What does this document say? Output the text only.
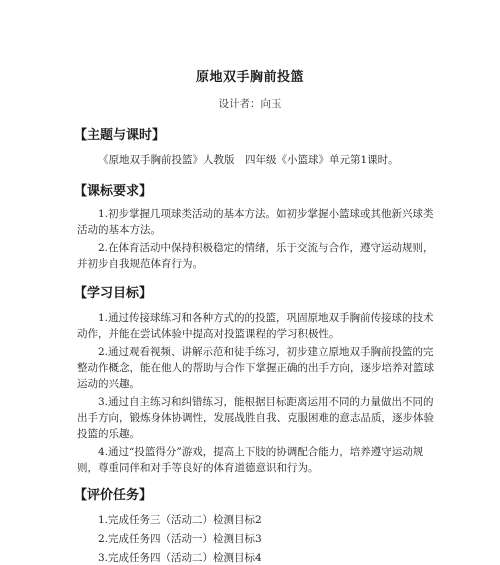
原地双手胸前投篮
设计者：向玉
【主题与课时】

《原地双手胸前投篮》人教版　四年级《小篮球》单元第1课时。

【课标要求】

1.初步掌握几项球类活动的基本方法。如初步掌握小篮球或其他新兴球类活动的基本方法。

2.在体育活动中保持积极稳定的情绪，乐于交流与合作，遵守运动规则，并初步自我规范体育行为。

【学习目标】

1.通过传接球练习和各种方式的的投篮，巩固原地双手胸前传接球的技术动作，并能在尝试体验中提高对投篮课程的学习积极性。

2.通过观看视频、讲解示范和徒手练习，初步建立原地双手胸前投篮的完整动作概念，能在他人的帮助与合作下掌握正确的出手方向，逐步培养对篮球运动的兴趣。

3.通过自主练习和纠错练习，能根据目标距离运用不同的力量做出不同的出手方向，锻炼身体协调性，发展战胜自我、克服困难的意志品质，逐步体验投篮的乐趣。

4.通过“投篮得分”游戏，提高上下肢的协调配合能力，培养遵守运动规则，尊重同伴和对手等良好的体育道德意识和行为。

【评价任务】
1.完成任务三（活动二）检测目标2
2.完成任务四（活动一）检测目标3
3.完成任务四（活动二）检测目标4
